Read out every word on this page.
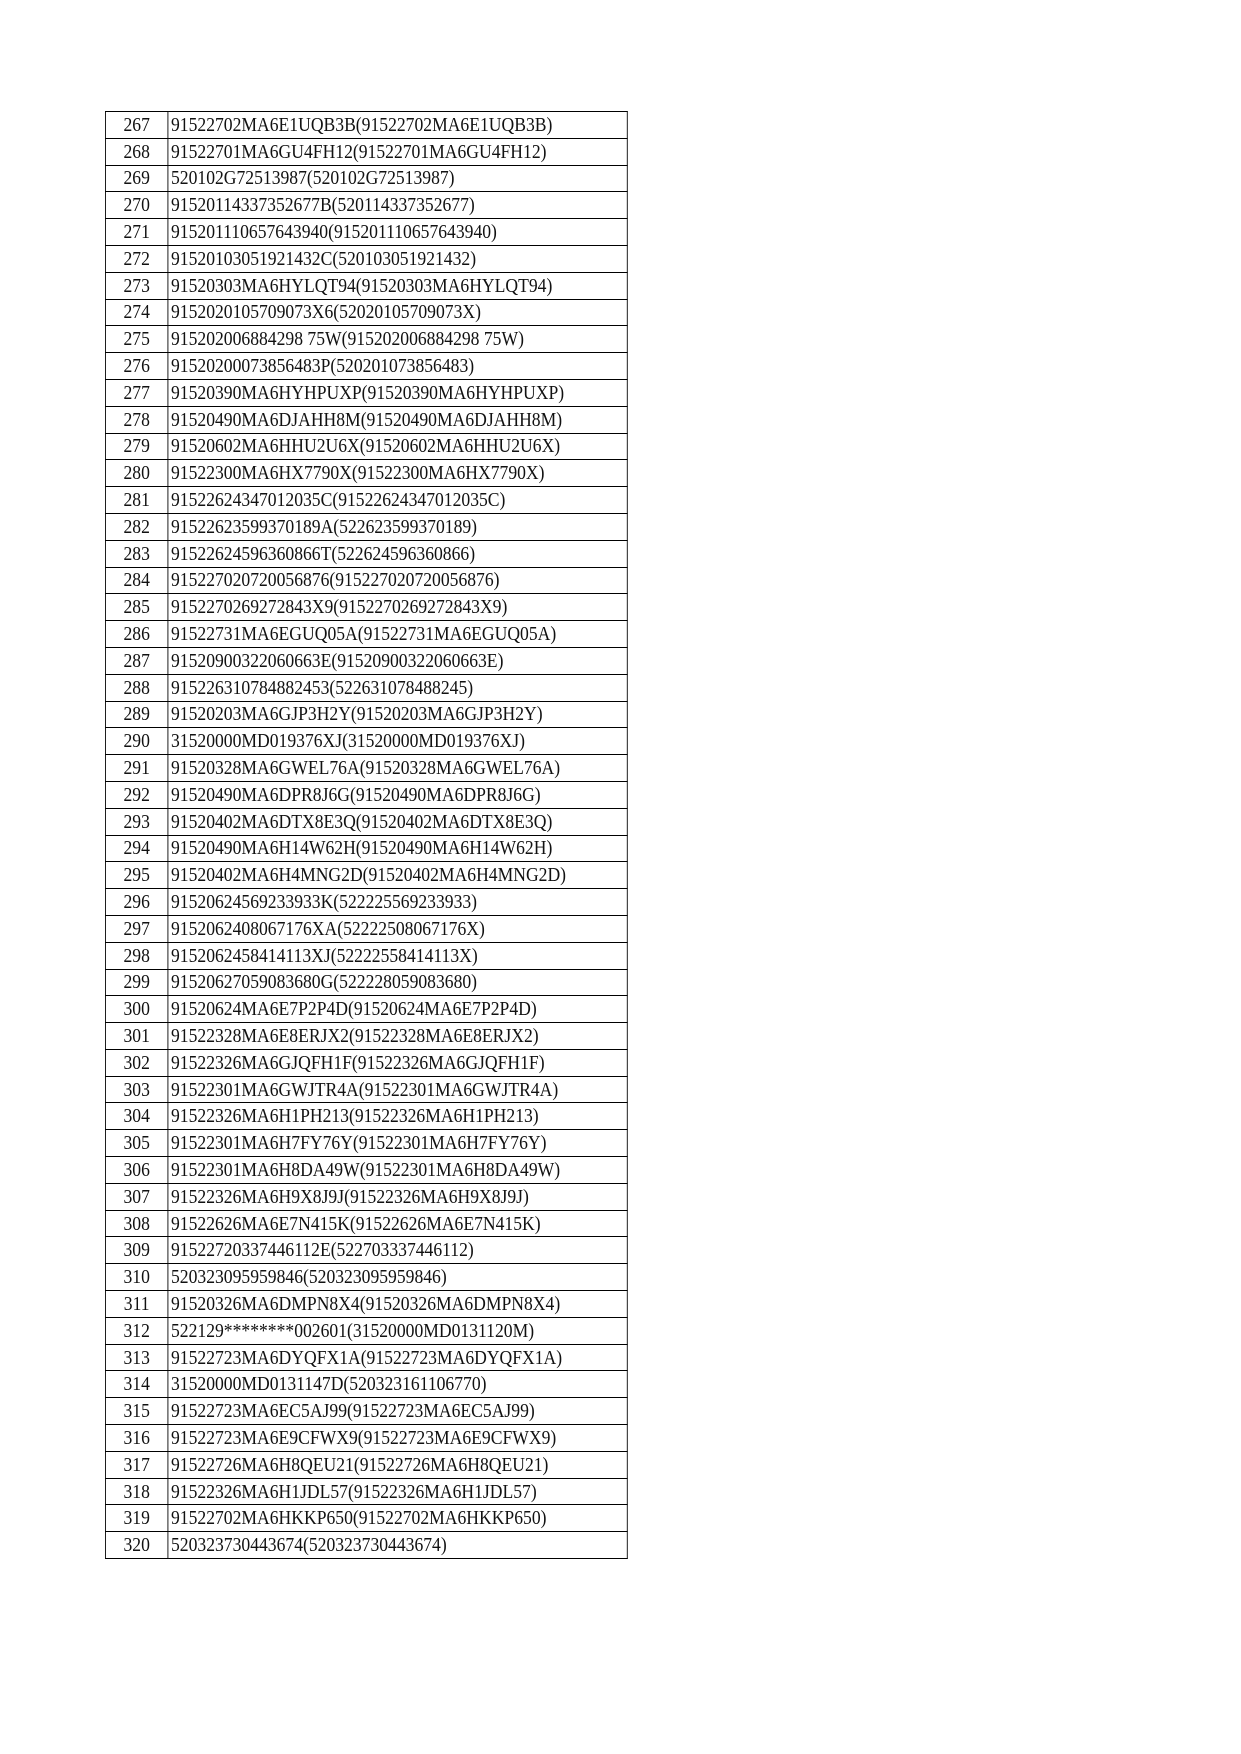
267	91522702MA6E1UQB3B(91522702MA6E1UQB3B)
268	91522701MA6GU4FH12(91522701MA6GU4FH12)
269	520102G72513987(520102G72513987)
270	91520114337352677B(520114337352677)
271	915201110657643940(915201110657643940)
272	91520103051921432C(520103051921432)
273	91520303MA6HYLQT94(91520303MA6HYLQT94)
274	9152020105709073X6(52020105709073X)
275	915202006884298 75W(915202006884298 75W)
276	91520200073856483P(520201073856483)
277	91520390MA6HYHPUXP(91520390MA6HYHPUXP)
278	91520490MA6DJAHH8M(91520490MA6DJAHH8M)
279	91520602MA6HHU2U6X(91520602MA6HHU2U6X)
280	91522300MA6HX7790X(91522300MA6HX7790X)
281	91522624347012035C(91522624347012035C)
282	91522623599370189A(522623599370189)
283	91522624596360866T(522624596360866)
284	915227020720056876(915227020720056876)
285	9152270269272843X9(9152270269272843X9)
286	91522731MA6EGUQ05A(91522731MA6EGUQ05A)
287	91520900322060663E(91520900322060663E)
288	915226310784882453(522631078488245)
289	91520203MA6GJP3H2Y(91520203MA6GJP3H2Y)
290	31520000MD019376XJ(31520000MD019376XJ)
291	91520328MA6GWEL76A(91520328MA6GWEL76A)
292	91520490MA6DPR8J6G(91520490MA6DPR8J6G)
293	91520402MA6DTX8E3Q(91520402MA6DTX8E3Q)
294	91520490MA6H14W62H(91520490MA6H14W62H)
295	91520402MA6H4MNG2D(91520402MA6H4MNG2D)
296	91520624569233933K(522225569233933)
297	9152062408067176XA(52222508067176X)
298	9152062458414113XJ(52222558414113X)
299	91520627059083680G(522228059083680)
300	91520624MA6E7P2P4D(91520624MA6E7P2P4D)
301	91522328MA6E8ERJX2(91522328MA6E8ERJX2)
302	91522326MA6GJQFH1F(91522326MA6GJQFH1F)
303	91522301MA6GWJTR4A(91522301MA6GWJTR4A)
304	91522326MA6H1PH213(91522326MA6H1PH213)
305	91522301MA6H7FY76Y(91522301MA6H7FY76Y)
306	91522301MA6H8DA49W(91522301MA6H8DA49W)
307	91522326MA6H9X8J9J(91522326MA6H9X8J9J)
308	91522626MA6E7N415K(91522626MA6E7N415K)
309	91522720337446112E(522703337446112)
310	520323095959846(520323095959846)
311	91520326MA6DMPN8X4(91520326MA6DMPN8X4)
312	522129********002601(31520000MD0131120M)
313	91522723MA6DYQFX1A(91522723MA6DYQFX1A)
314	31520000MD0131147D(520323161106770)
315	91522723MA6EC5AJ99(91522723MA6EC5AJ99)
316	91522723MA6E9CFWX9(91522723MA6E9CFWX9)
317	91522726MA6H8QEU21(91522726MA6H8QEU21)
318	91522326MA6H1JDL57(91522326MA6H1JDL57)
319	91522702MA6HKKP650(91522702MA6HKKP650)
320	520323730443674(520323730443674)
